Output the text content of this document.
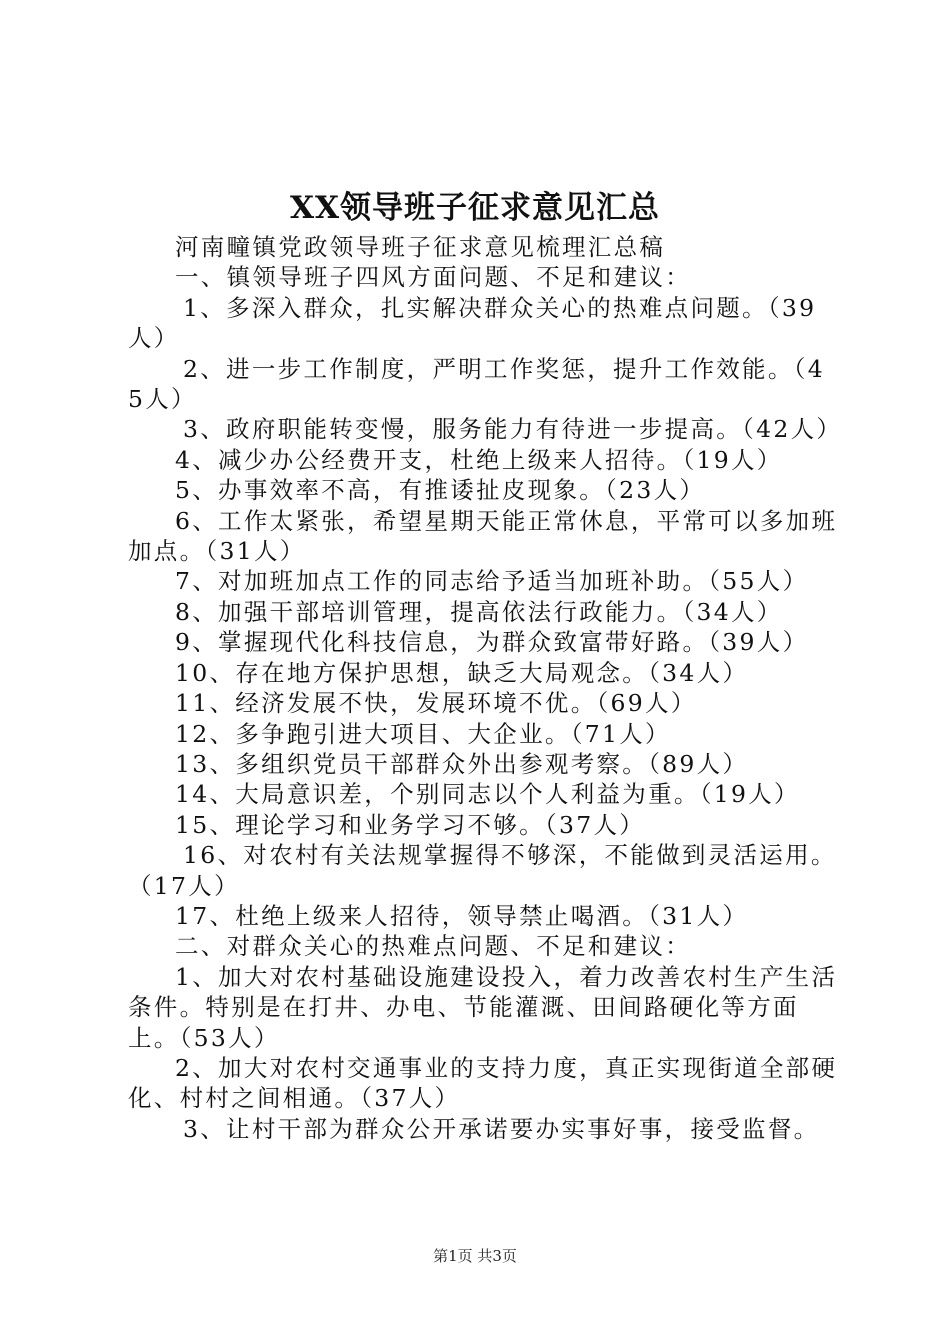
XX领导班子征求意见汇总

河南疃镇党政领导班子征求意见梳理汇总稿

一、镇领导班子四风方面问题、不足和建议：

1、多深入群众，扎实解决群众关心的热难点问题。（39人）

2、进一步工作制度，严明工作奖惩，提升工作效能。（45人）

3、政府职能转变慢，服务能力有待进一步提高。（42人）

4、减少办公经费开支，杜绝上级来人招待。（19人）

5、办事效率不高，有推诿扯皮现象。（23人）

6、工作太紧张，希望星期天能正常休息，平常可以多加班加点。（31人）

7、对加班加点工作的同志给予适当加班补助。（55人）

8、加强干部培训管理，提高依法行政能力。（34人）

9、掌握现代化科技信息，为群众致富带好路。（39人）

10、存在地方保护思想，缺乏大局观念。（34人）

11、经济发展不快，发展环境不优。（69人）

12、多争跑引进大项目、大企业。（71人）

13、多组织党员干部群众外出参观考察。（89人）

14、大局意识差，个别同志以个人利益为重。（19人）

15、理论学习和业务学习不够。（37人）

16、对农村有关法规掌握得不够深，不能做到灵活运用。（17人）

17、杜绝上级来人招待，领导禁止喝酒。（31人）

二、对群众关心的热难点问题、不足和建议：

1、加大对农村基础设施建设投入，着力改善农村生产生活条件。特别是在打井、办电、节能灌溉、田间路硬化等方面上。（53人）

2、加大对农村交通事业的支持力度，真正实现街道全部硬化、村村之间相通。（37人）

3、让村干部为群众公开承诺要办实事好事，接受监督。

第1页 共3页
